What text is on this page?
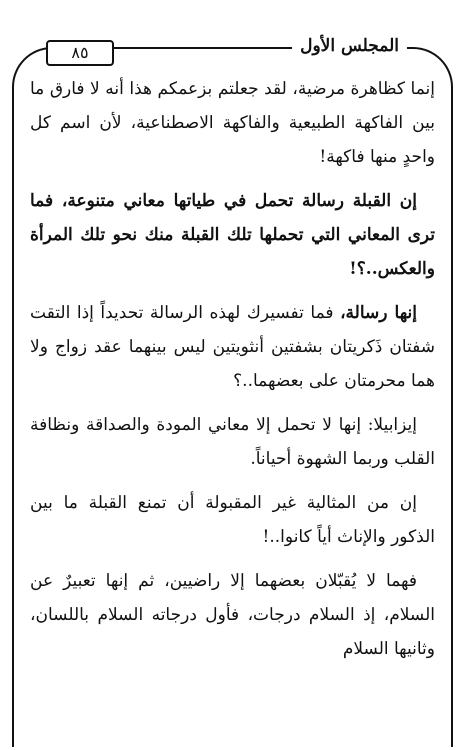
المجلس الأول
٨٥

إنما كظاهرة مرضية، لقد جعلتم بزعمكم هذا أنه لا فارق ما بين الفاكهة الطبيعية والفاكهة الاصطناعية، لأن اسم كل واحدٍ منها فاكهة!

إن القبلة رسالة تحمل في طياتها معاني متنوعة، فما ترى المعاني التي تحملها تلك القبلة منك نحو تلك المرأة والعكس..؟!

إنها رسالة، فما تفسيرك لهذه الرسالة تحديداً إذا التقت شفتان ذَكريتان بشفتين أنثويتين ليس بينهما عقد زواج ولا هما محرمتان على بعضهما..؟

إيزابيلا: إنها لا تحمل إلا معاني المودة والصداقة ونظافة القلب وربما الشهوة أحياناً.

إن من المثالية غير المقبولة أن تمنع القبلة ما بين الذكور والإناث أياً كانوا..!

فهما لا يُقبّلان بعضهما إلا راضيين، ثم إنها تعبيرٌ عن السلام، إذ السلام درجات، فأول درجاته السلام باللسان، وثانيها السلام
